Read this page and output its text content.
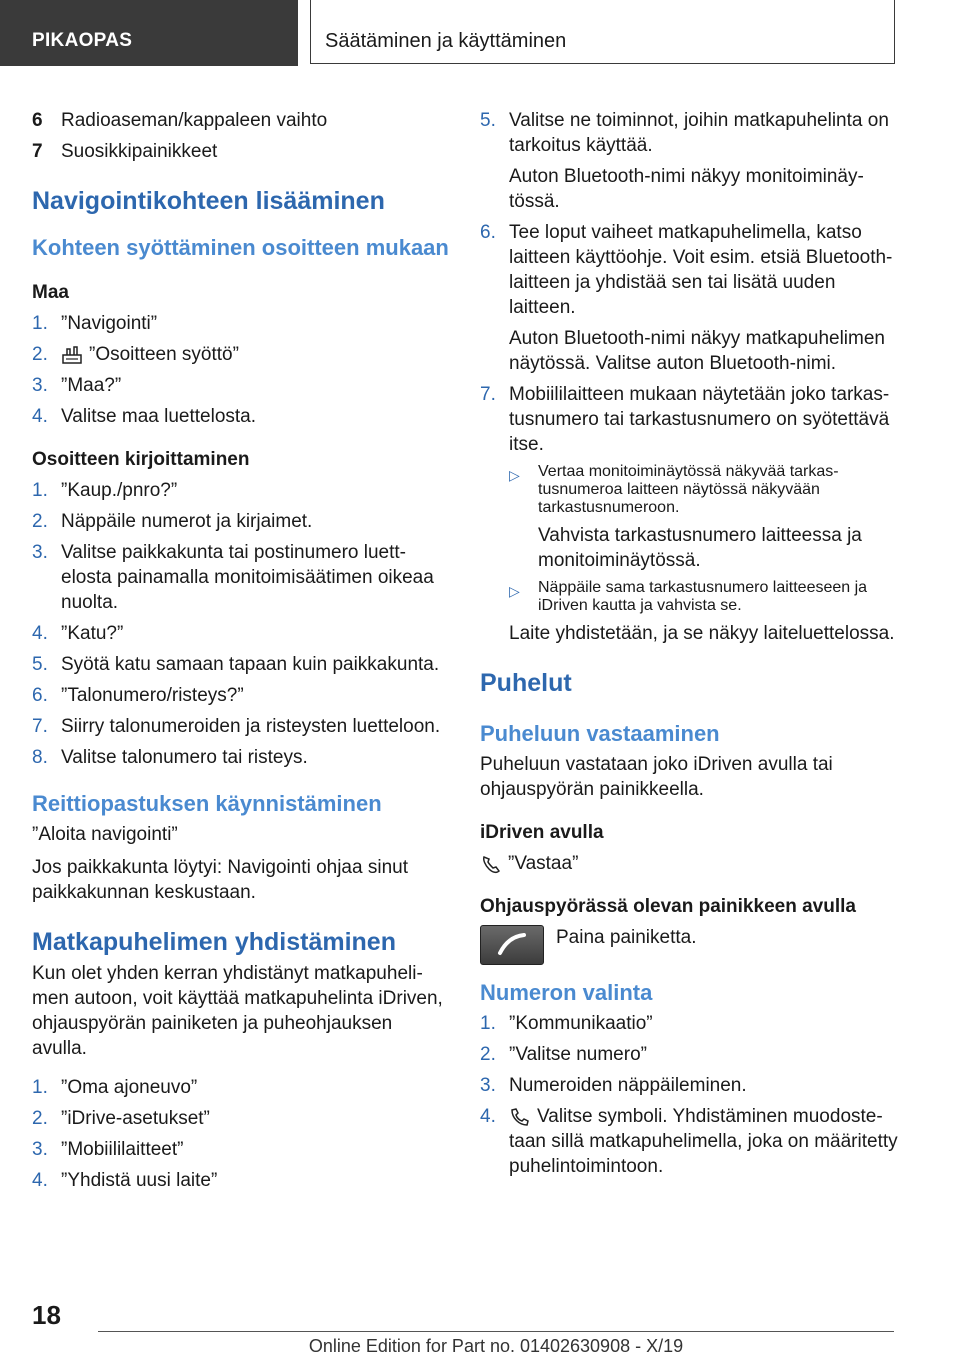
PIKAOPAS	Säätäminen ja käyttäminen
6 Radioaseman/kappaleen vaihto
7 Suosikkipainikkeet
Navigointikohteen lisääminen
Kohteen syöttäminen osoitteen mukaan
Maa
1. ”Navigointi”
2.	”Osoitteen syöttö”
3. ”Maa?”
4. Valitse maa luettelosta.
Osoitteen kirjoittaminen
1. ”Kaup./pnro?”
2. Näppäile numerot ja kirjaimet.
3. Valitse paikkakunta tai postinumero luettelosta painamalla monitoimisäätimen oikeaa nuolta.
4. ”Katu?”
5. Syötä katu samaan tapaan kuin paikkakunta.
6. ”Talonumero/risteys?”
7. Siirry talonumeroiden ja risteysten luetteloon.
8. Valitse talonumero tai risteys.
Reittiopastuksen käynnistäminen

”Aloita navigointi”

Jos paikkakunta löytyi: Navigointi ohjaa sinut paikkakunnan keskustaan.

Matkapuhelimen yhdistäminen

Kun olet yhden kerran yhdistänyt matkapuhelimen autoon, voit käyttää matkapuhelinta iDriven, ohjauspyörän painiketen ja puheohjauksen avulla.

1. ”Oma ajoneuvo”
2. ”iDrive-asetukset”
3. ”Mobiililaitteet”
4. ”Yhdistä uusi laite”
5. Valitse ne toiminnot, joihin matkapuhelinta on tarkoitus käyttää.

Auton Bluetooth-nimi näkyy monitoiminäytössä.

6. Tee loput vaiheet matkapuhelimella, katso laitteen käyttöohje. Voit esim. etsiä Bluetooth-laitteen ja yhdistää sen tai lisätä uuden laitteen.

Auton Bluetooth-nimi näkyy matkapuhelimen näytössä. Valitse auton Bluetooth-nimi.

7. Mobiililaitteen mukaan näytetään joko tarkastusnumero tai tarkastusnumero on syötettävä itse.
▷	Vertaa monitoiminäytössä näkyvää tarkastusnumeroa laitteen näytössä näkyvään tarkastusnumeroon.

Vahvista tarkastusnumero laitteessa ja monitoiminäytössä.

▷	Näppäile sama tarkastusnumero laitteeseen ja iDriven kautta ja vahvista se.

Laite yhdistetään, ja se näkyy laiteluettelossa.

Puhelut
Puheluun vastaaminen

Puheluun vastataan joko iDriven avulla tai ohjauspyörän painikkeella.

iDriven avulla

”Vastaa”

Ohjauspyörässä olevan painikkeen avulla
Paina painiketta.
Numeron valinta
1. ”Kommunikaatio”
2. ”Valitse numero”
3. Numeroiden näppäileminen.
4.	Valitse symboli. Yhdistäminen muodostetaan sillä matkapuhelimella, joka on määritetty puhelintoimintoon.
18
Online Edition for Part no. 01402630908 - X/19
